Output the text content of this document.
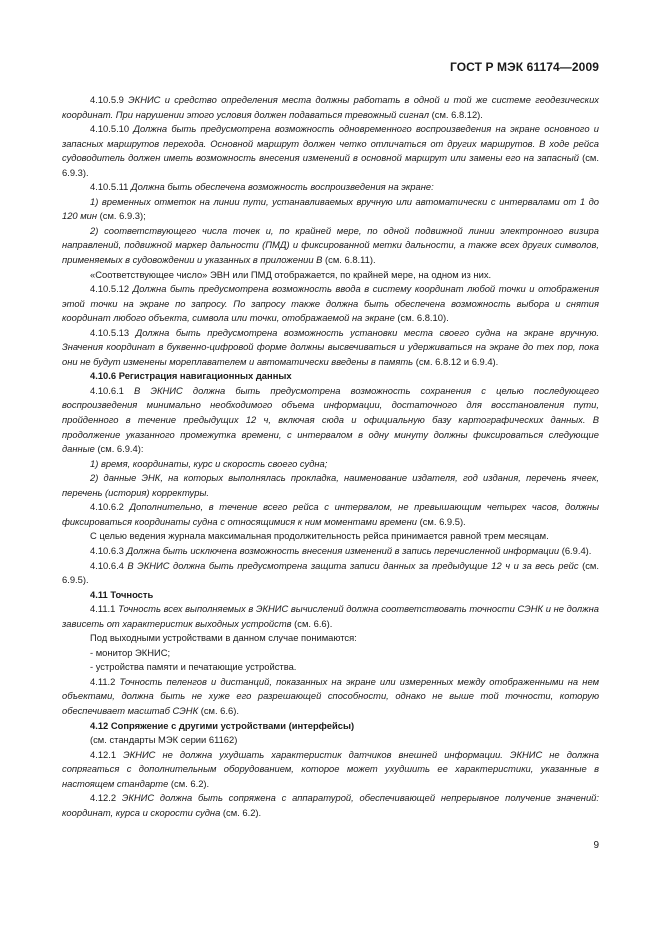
ГОСТ Р МЭК 61174—2009

4.10.5.9 ЭКНИС и средство определения места должны работать в одной и той же системе геодезических координат. При нарушении этого условия должен подаваться тревожный сигнал (см. 6.8.12).

4.10.5.10 Должна быть предусмотрена возможность одновременного воспроизведения на экране основного и запасных маршрутов перехода. Основной маршрут должен четко отличаться от других маршрутов. В ходе рейса судоводитель должен иметь возможность внесения изменений в основной маршрут или замены его на запасный (см. 6.9.3).

4.10.5.11 Должна быть обеспечена возможность воспроизведения на экране:

1) временных отметок на линии пути, устанавливаемых вручную или автоматически с интервалами от 1 до 120 мин (см. 6.9.3);

2) соответствующего числа точек и, по крайней мере, по одной подвижной линии электронного визира направлений, подвижной маркер дальности (ПМД) и фиксированной метки дальности, а также всех других символов, применяемых в судовождении и указанных в приложении В (см. 6.8.11).

«Соответствующее число» ЭВН или ПМД отображается, по крайней мере, на одном из них.

4.10.5.12 Должна быть предусмотрена возможность ввода в систему координат любой точки и отображения этой точки на экране по запросу. По запросу также должна быть обеспечена возможность выбора и снятия координат любого объекта, символа или точки, отображаемой на экране (см. 6.8.10).

4.10.5.13 Должна быть предусмотрена возможность установки места своего судна на экране вручную. Значения координат в буквенно-цифровой форме должны высвечиваться и удерживаться на экране до тех пор, пока они не будут изменены мореплавателем и автоматически введены в память (см. 6.8.12 и 6.9.4).

4.10.6 Регистрация навигационных данных

4.10.6.1 В ЭКНИС должна быть предусмотрена возможность сохранения с целью последующего воспроизведения минимально необходимого объема информации, достаточного для восстановления пути, пройденного в течение предыдущих 12 ч, включая сюда и официальную базу картографических данных. В продолжение указанного промежутка времени, с интервалом в одну минуту должны фиксироваться следующие данные (см. 6.9.4):

1) время, координаты, курс и скорость своего судна;

2) данные ЭНК, на которых выполнялась прокладка, наименование издателя, год издания, перечень ячеек, перечень (история) корректуры.

4.10.6.2 Дополнительно, в течение всего рейса с интервалом, не превышающим четырех часов, должны фиксироваться координаты судна с относящимися к ним моментами времени (см. 6.9.5).

С целью ведения журнала максимальная продолжительность рейса принимается равной трем месяцам.

4.10.6.3 Должна быть исключена возможность внесения изменений в запись перечисленной информации (6.9.4).

4.10.6.4 В ЭКНИС должна быть предусмотрена защита записи данных за предыдущие 12 ч и за весь рейс (см. 6.9.5).

4.11 Точность

4.11.1 Точность всех выполняемых в ЭКНИС вычислений должна соответствовать точности СЭНК и не должна зависеть от характеристик выходных устройств (см. 6.6).

Под выходными устройствами в данном случае понимаются:

- монитор ЭКНИС;

- устройства памяти и печатающие устройства.

4.11.2 Точность пеленгов и дистанций, показанных на экране или измеренных между отображенными на нем объектами, должна быть не хуже его разрешающей способности, однако не выше той точности, которую обеспечивает масштаб СЭНК (см. 6.6).

4.12 Сопряжение с другими устройствами (интерфейсы)

(см. стандарты МЭК серии 61162)

4.12.1 ЭКНИС не должна ухудшать характеристик датчиков внешней информации. ЭКНИС не должна сопрягаться с дополнительным оборудованием, которое может ухудшить ее характеристики, указанные в настоящем стандарте (см. 6.2).

4.12.2 ЭКНИС должна быть сопряжена с аппаратурой, обеспечивающей непрерывное получение значений: координат, курса и скорости судна (см. 6.2).

9
